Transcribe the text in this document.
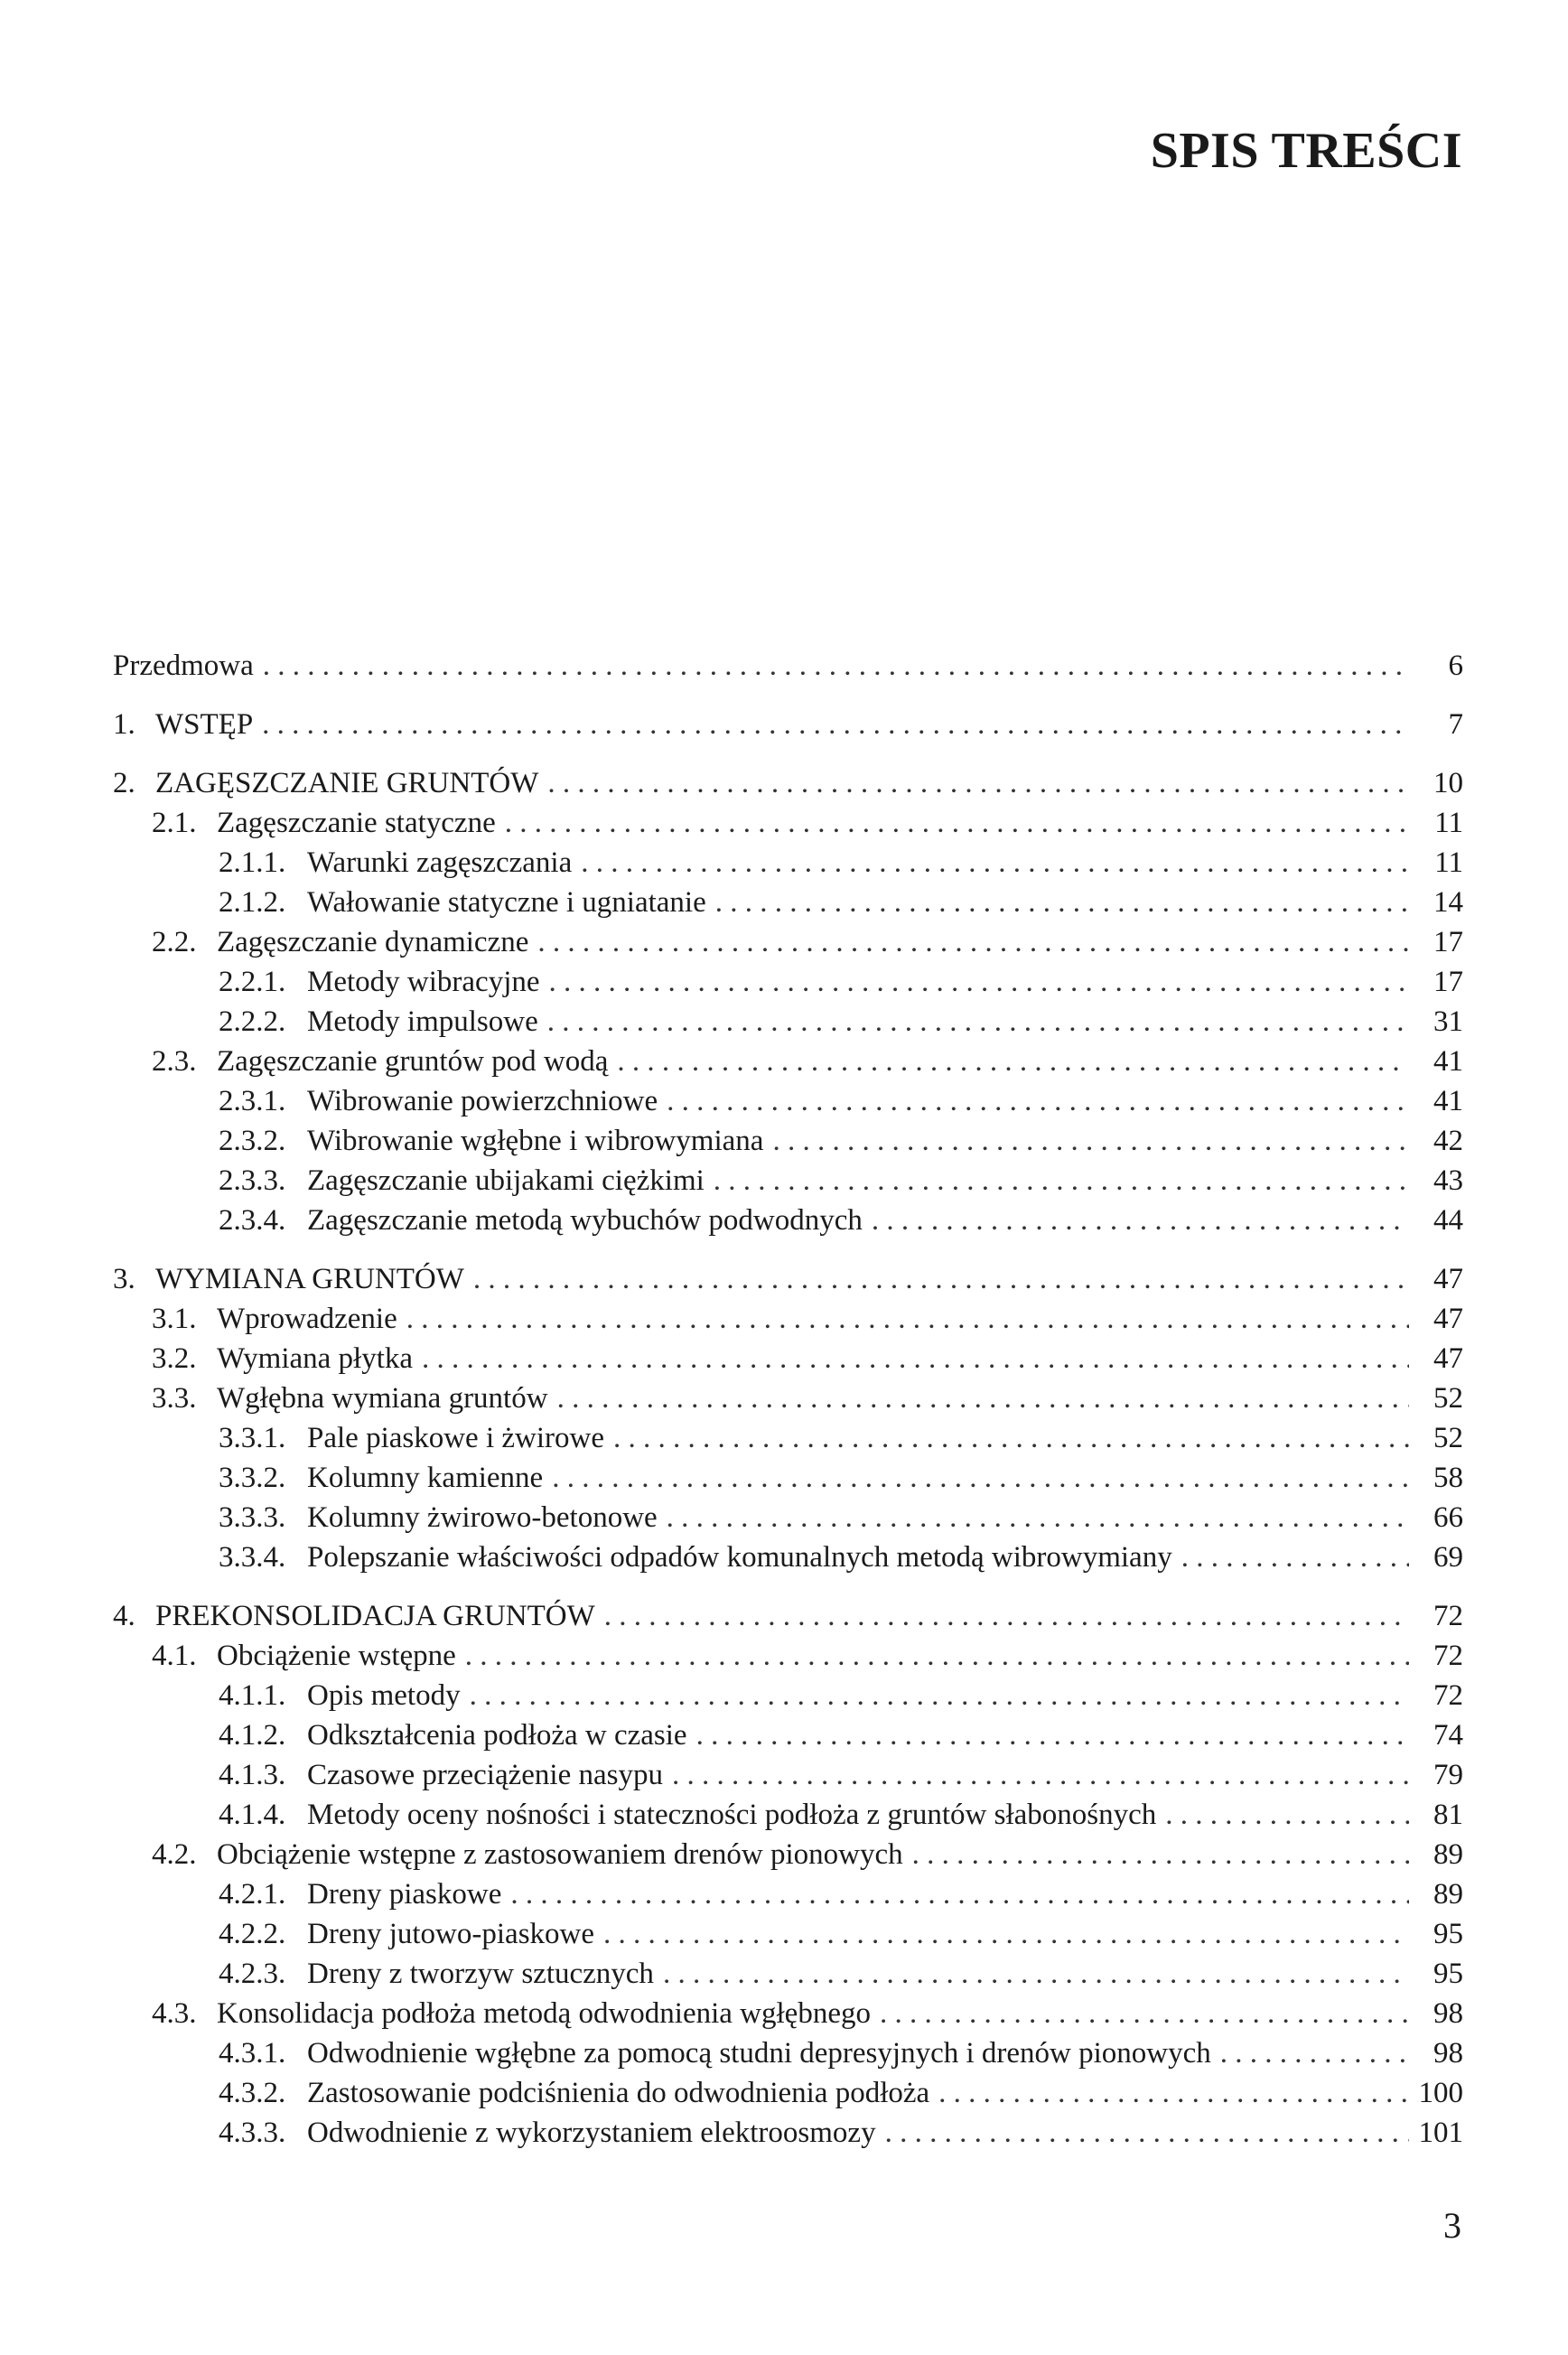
SPIS TREŚCI
Przedmowa . . .	6
1. WSTĘP . . .	7
2. ZAGĘSZCZANIE GRUNTÓW . . .	10
2.1. Zagęszczanie statyczne . . .	11
2.1.1. Warunki zagęszczania . . .	11
2.1.2. Wałowanie statyczne i ugniatanie . . .	14
2.2. Zagęszczanie dynamiczne . . .	17
2.2.1. Metody wibracyjne . . .	17
2.2.2. Metody impulsowe . . .	31
2.3. Zagęszczanie gruntów pod wodą . . .	41
2.3.1. Wibrowanie powierzchniowe . . .	41
2.3.2. Wibrowanie wgłębne i wibrowymiana . . .	42
2.3.3. Zagęszczanie ubijakami ciężkimi . . .	43
2.3.4. Zagęszczanie metodą wybuchów podwodnych . . .	44
3. WYMIANA GRUNTÓW . . .	47
3.1. Wprowadzenie . . .	47
3.2. Wymiana płytka . . .	47
3.3. Wgłębna wymiana gruntów . . .	52
3.3.1. Pale piaskowe i żwirowe . . .	52
3.3.2. Kolumny kamienne . . .	58
3.3.3. Kolumny żwirowo-betonowe . . .	66
3.3.4. Polepszanie właściwości odpadów komunalnych metodą wibrowymiany . . .	69
4. PREKONSOLIDACJA GRUNTÓW . . .	72
4.1. Obciążenie wstępne . . .	72
4.1.1. Opis metody . . .	72
4.1.2. Odkształcenia podłoża w czasie . . .	74
4.1.3. Czasowe przeciążenie nasypu . . .	79
4.1.4. Metody oceny nośności i stateczności podłoża z gruntów słabonośnych . . .	81
4.2. Obciążenie wstępne z zastosowaniem drenów pionowych . . .	89
4.2.1. Dreny piaskowe . . .	89
4.2.2. Dreny jutowo-piaskowe . . .	95
4.2.3. Dreny z tworzyw sztucznych . . .	95
4.3. Konsolidacja podłoża metodą odwodnienia wgłębnego . . .	98
4.3.1. Odwodnienie wgłębne za pomocą studni depresyjnych i drenów pionowych . . .	98
4.3.2. Zastosowanie podciśnienia do odwodnienia podłoża . . .	100
4.3.3. Odwodnienie z wykorzystaniem elektroosmozy . . .	101
3
